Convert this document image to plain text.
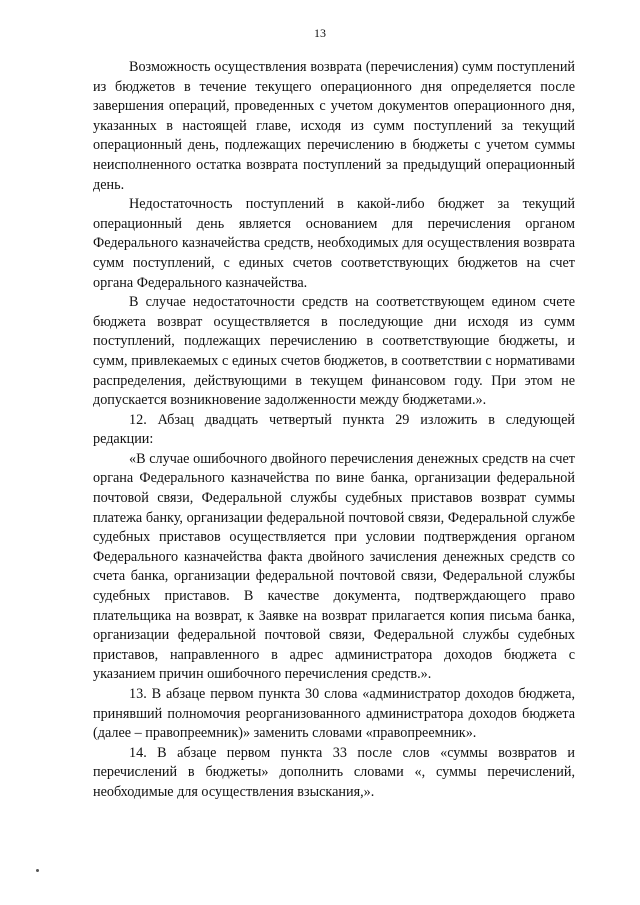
13

Возможность осуществления возврата (перечисления) сумм поступлений из бюджетов в течение текущего операционного дня определяется после завершения операций, проведенных с учетом документов операционного дня, указанных в настоящей главе, исходя из сумм поступлений за текущий операционный день, подлежащих перечислению в бюджеты с учетом суммы неисполненного остатка возврата поступлений за предыдущий операционный день.

Недостаточность поступлений в какой-либо бюджет за текущий операционный день является основанием для перечисления органом Федерального казначейства средств, необходимых для осуществления возврата сумм поступлений, с единых счетов соответствующих бюджетов на счет органа Федерального казначейства.

В случае недостаточности средств на соответствующем едином счете бюджета возврат осуществляется в последующие дни исходя из сумм поступлений, подлежащих перечислению в соответствующие бюджеты, и сумм, привлекаемых с единых счетов бюджетов, в соответствии с нормативами распределения, действующими в текущем финансовом году. При этом не допускается возникновение задолженности между бюджетами.».

12. Абзац двадцать четвертый пункта 29 изложить в следующей редакции:

«В случае ошибочного двойного перечисления денежных средств на счет органа Федерального казначейства по вине банка, организации федеральной почтовой связи, Федеральной службы судебных приставов возврат суммы платежа банку, организации федеральной почтовой связи, Федеральной службе судебных приставов осуществляется при условии подтверждения органом Федерального казначейства факта двойного зачисления денежных средств со счета банка, организации федеральной почтовой связи, Федеральной службы судебных приставов. В качестве документа, подтверждающего право плательщика на возврат, к Заявке на возврат прилагается копия письма банка, организации федеральной почтовой связи, Федеральной службы судебных приставов, направленного в адрес администратора доходов бюджета с указанием причин ошибочного перечисления средств.».

13. В абзаце первом пункта 30 слова «администратор доходов бюджета, принявший полномочия реорганизованного администратора доходов бюджета (далее – правопреемник)» заменить словами «правопреемник».

14. В абзаце первом пункта 33 после слов «суммы возвратов и перечислений в бюджеты» дополнить словами «, суммы перечислений, необходимые для осуществления взыскания,».
